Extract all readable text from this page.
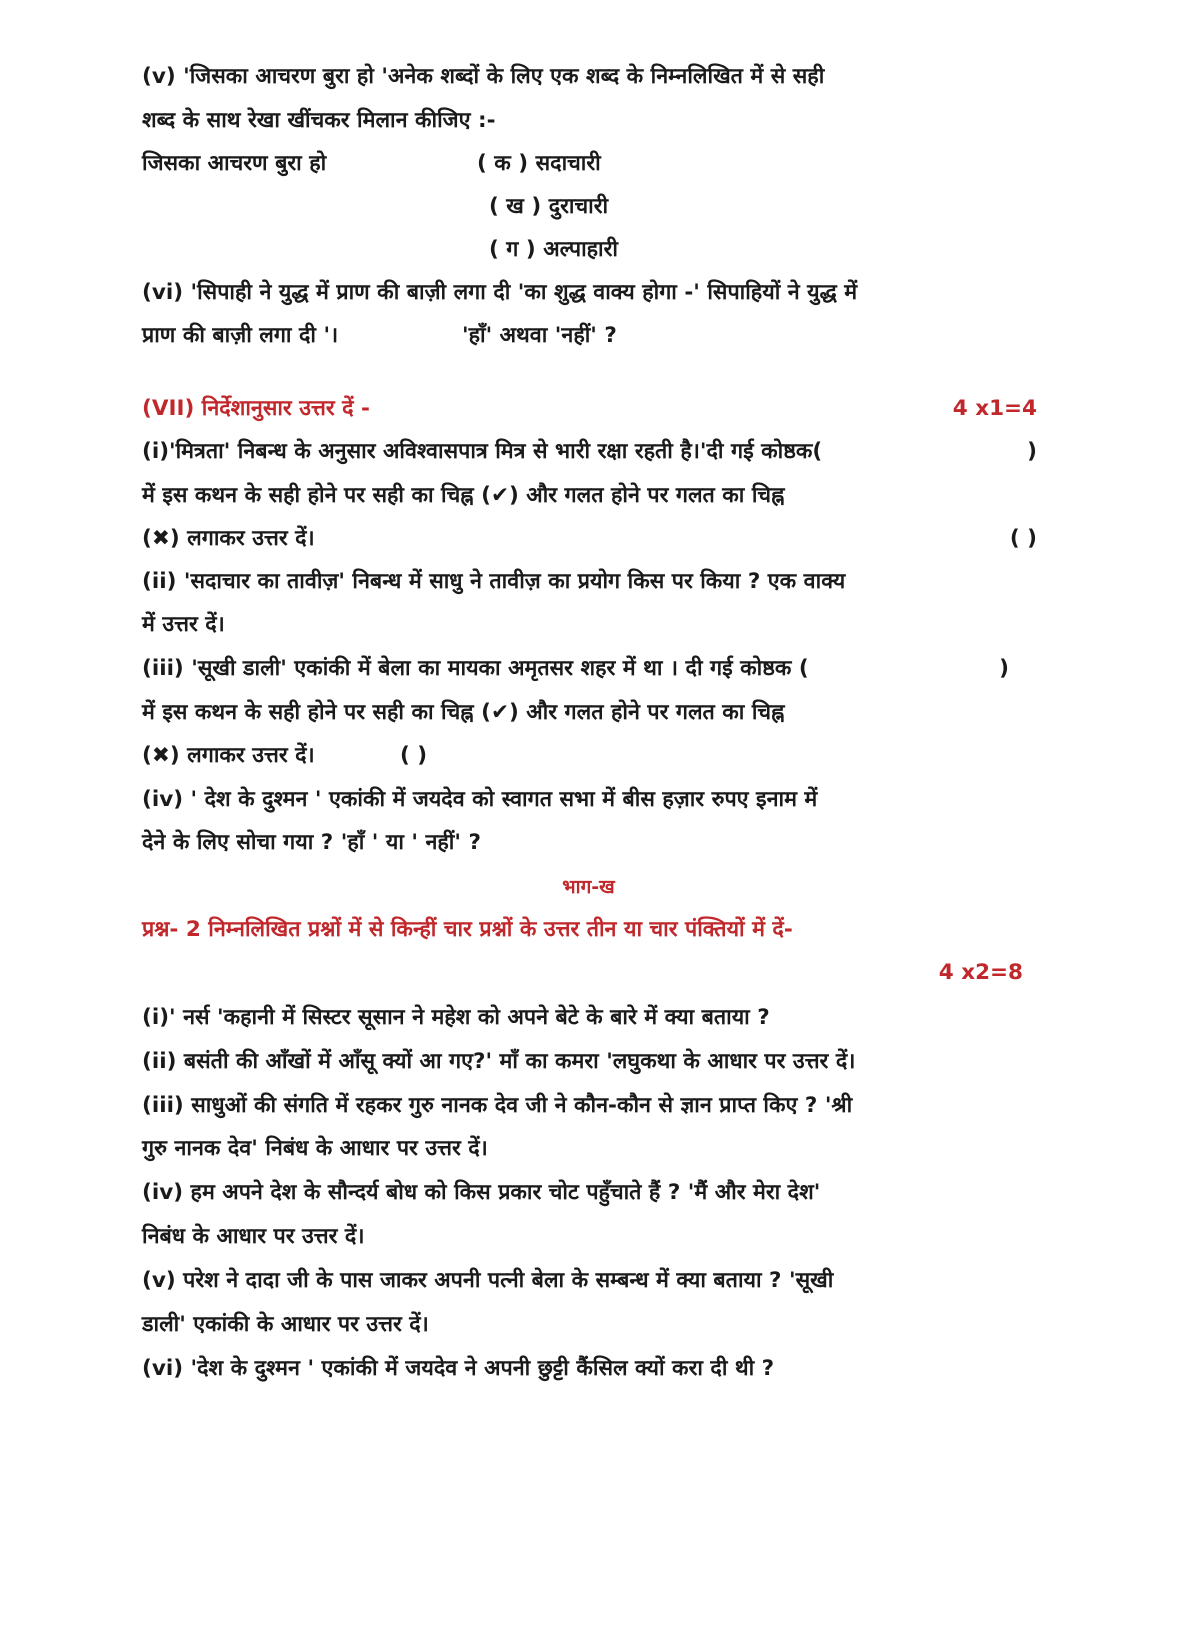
(v) 'जिसका आचरण बुरा हो 'अनेक शब्दों के लिए एक शब्द के निम्नलिखित में से सही
शब्द के साथ रेखा खींचकर मिलान कीजिए :-
जिसका आचरण बुरा हो	( क ) सदाचारी
( ख ) दुराचारी
( ग ) अल्पाहारी
(vi) 'सिपाही ने युद्ध में प्राण की बाज़ी लगा दी 'का शुद्ध वाक्य होगा -' सिपाहियों ने युद्ध में
प्राण की बाज़ी लगा दी '।	'हाँ' अथवा 'नहीं' ?
(VII) निर्देशानुसार उत्तर दें -	4 x1=4
(i)'मित्रता' निबन्ध के अनुसार अविश्वासपात्र मित्र से भारी रक्षा रहती है।'दी गई कोष्ठक(	)
में इस कथन के सही होने पर सही का चिह्न (✔) और गलत होने पर गलत का चिह्न
(✖) लगाकर उत्तर दें।	( )
(ii) 'सदाचार का तावीज़' निबन्ध में साधु ने तावीज़ का प्रयोग किस पर किया ? एक वाक्य
में उत्तर दें।
(iii) 'सूखी डाली' एकांकी में बेला का मायका अमृतसर शहर में था । दी गई कोष्ठक (	)
में इस कथन के सही होने पर सही का चिह्न (✔) और गलत होने पर गलत का चिह्न
(✖) लगाकर उत्तर दें।	( )
(iv) ' देश के दुश्मन ' एकांकी में जयदेव को स्वागत सभा में बीस हज़ार रुपए इनाम में
देने के लिए सोचा गया ? 'हाँ ' या ' नहीं' ?
भाग-ख
प्रश्न- 2 निम्नलिखित प्रश्नों में से किन्हीं चार प्रश्नों के उत्तर तीन या चार पंक्तियों में दें-
4 x2=8
(i)' नर्स 'कहानी में सिस्टर सूसान ने महेश को अपने बेटे के बारे में क्या बताया ?
(ii) बसंती की आँखों में आँसू क्यों आ गए?' माँ का कमरा 'लघुकथा के आधार पर उत्तर दें।
(iii) साधुओं की संगति में रहकर गुरु नानक देव जी ने कौन-कौन से ज्ञान प्राप्त किए ? 'श्री
गुरु नानक देव' निबंध के आधार पर उत्तर दें।
(iv) हम अपने देश के सौन्दर्य बोध को किस प्रकार चोट पहुँचाते हैं ? 'मैं और मेरा देश'
निबंध के आधार पर उत्तर दें।
(v) परेश ने दादा जी के पास जाकर अपनी पत्नी बेला के सम्बन्ध में क्या बताया ? 'सूखी
डाली' एकांकी के आधार पर उत्तर दें।
(vi) 'देश के दुश्मन ' एकांकी में जयदेव ने अपनी छुट्टी कैंसिल क्यों करा दी थी ?
